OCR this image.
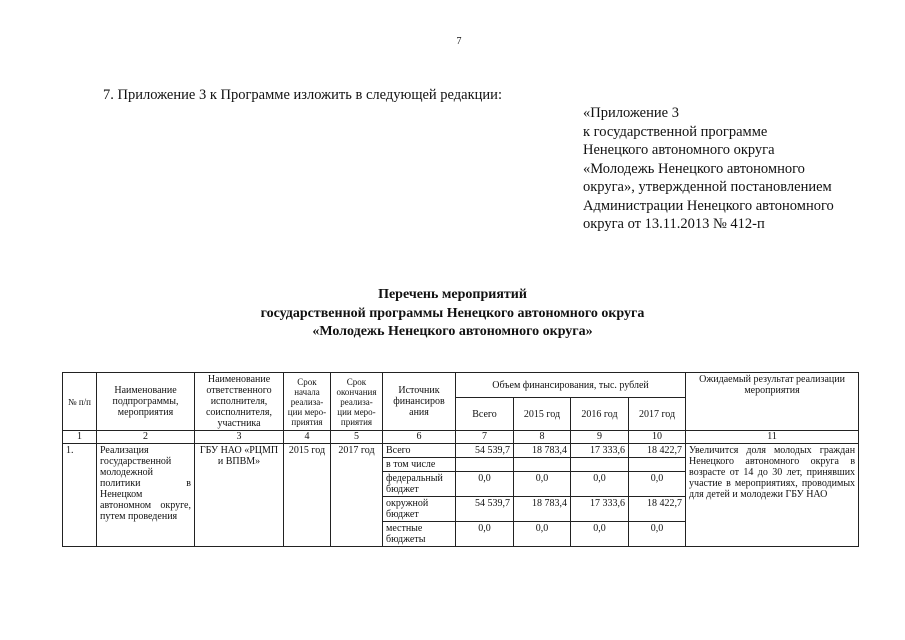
7
7. Приложение 3 к Программе изложить в следующей редакции:
«Приложение 3
к государственной программе
Ненецкого автономного округа
«Молодежь Ненецкого автономного
округа», утвержденной постановлением
Администрации Ненецкого автономного
округа от 13.11.2013 № 412-п
Перечень мероприятий
государственной программы Ненецкого автономного округа
«Молодежь Ненецкого автономного округа»
№ п/п	Наименование подпрограммы, мероприятия	Наименование ответственного исполнителя, соисполнителя, участника	Срок начала реализа-ции меро-приятия	Срок окончания реализа-ции меро-приятия	Источник финансиров ания	Объем финансирования, тыс. рублей				Ожидаемый результат реализации мероприятия
						Всего	2015 год	2016 год	2017 год	
1	2	3	4	5	6	7	8	9	10	11
1.	Реализация государственной молодежной политики в Ненецком автономном округе, путем проведения	ГБУ НАО «РЦМП и ВПВМ»	2015 год	2017 год	Всего	54 539,7	18 783,4	17 333,6	18 422,7	Увеличится доля молодых граждан Ненецкого автономного округа в возрасте от 14 до 30 лет, принявших участие в мероприятиях, проводимых для детей и молодежи ГБУ НАО
					в том числе					
					федеральный бюджет	0,0	0,0	0,0	0,0	
					окружной бюджет	54 539,7	18 783,4	17 333,6	18 422,7	
					местные бюджеты	0,0	0,0	0,0	0,0	
